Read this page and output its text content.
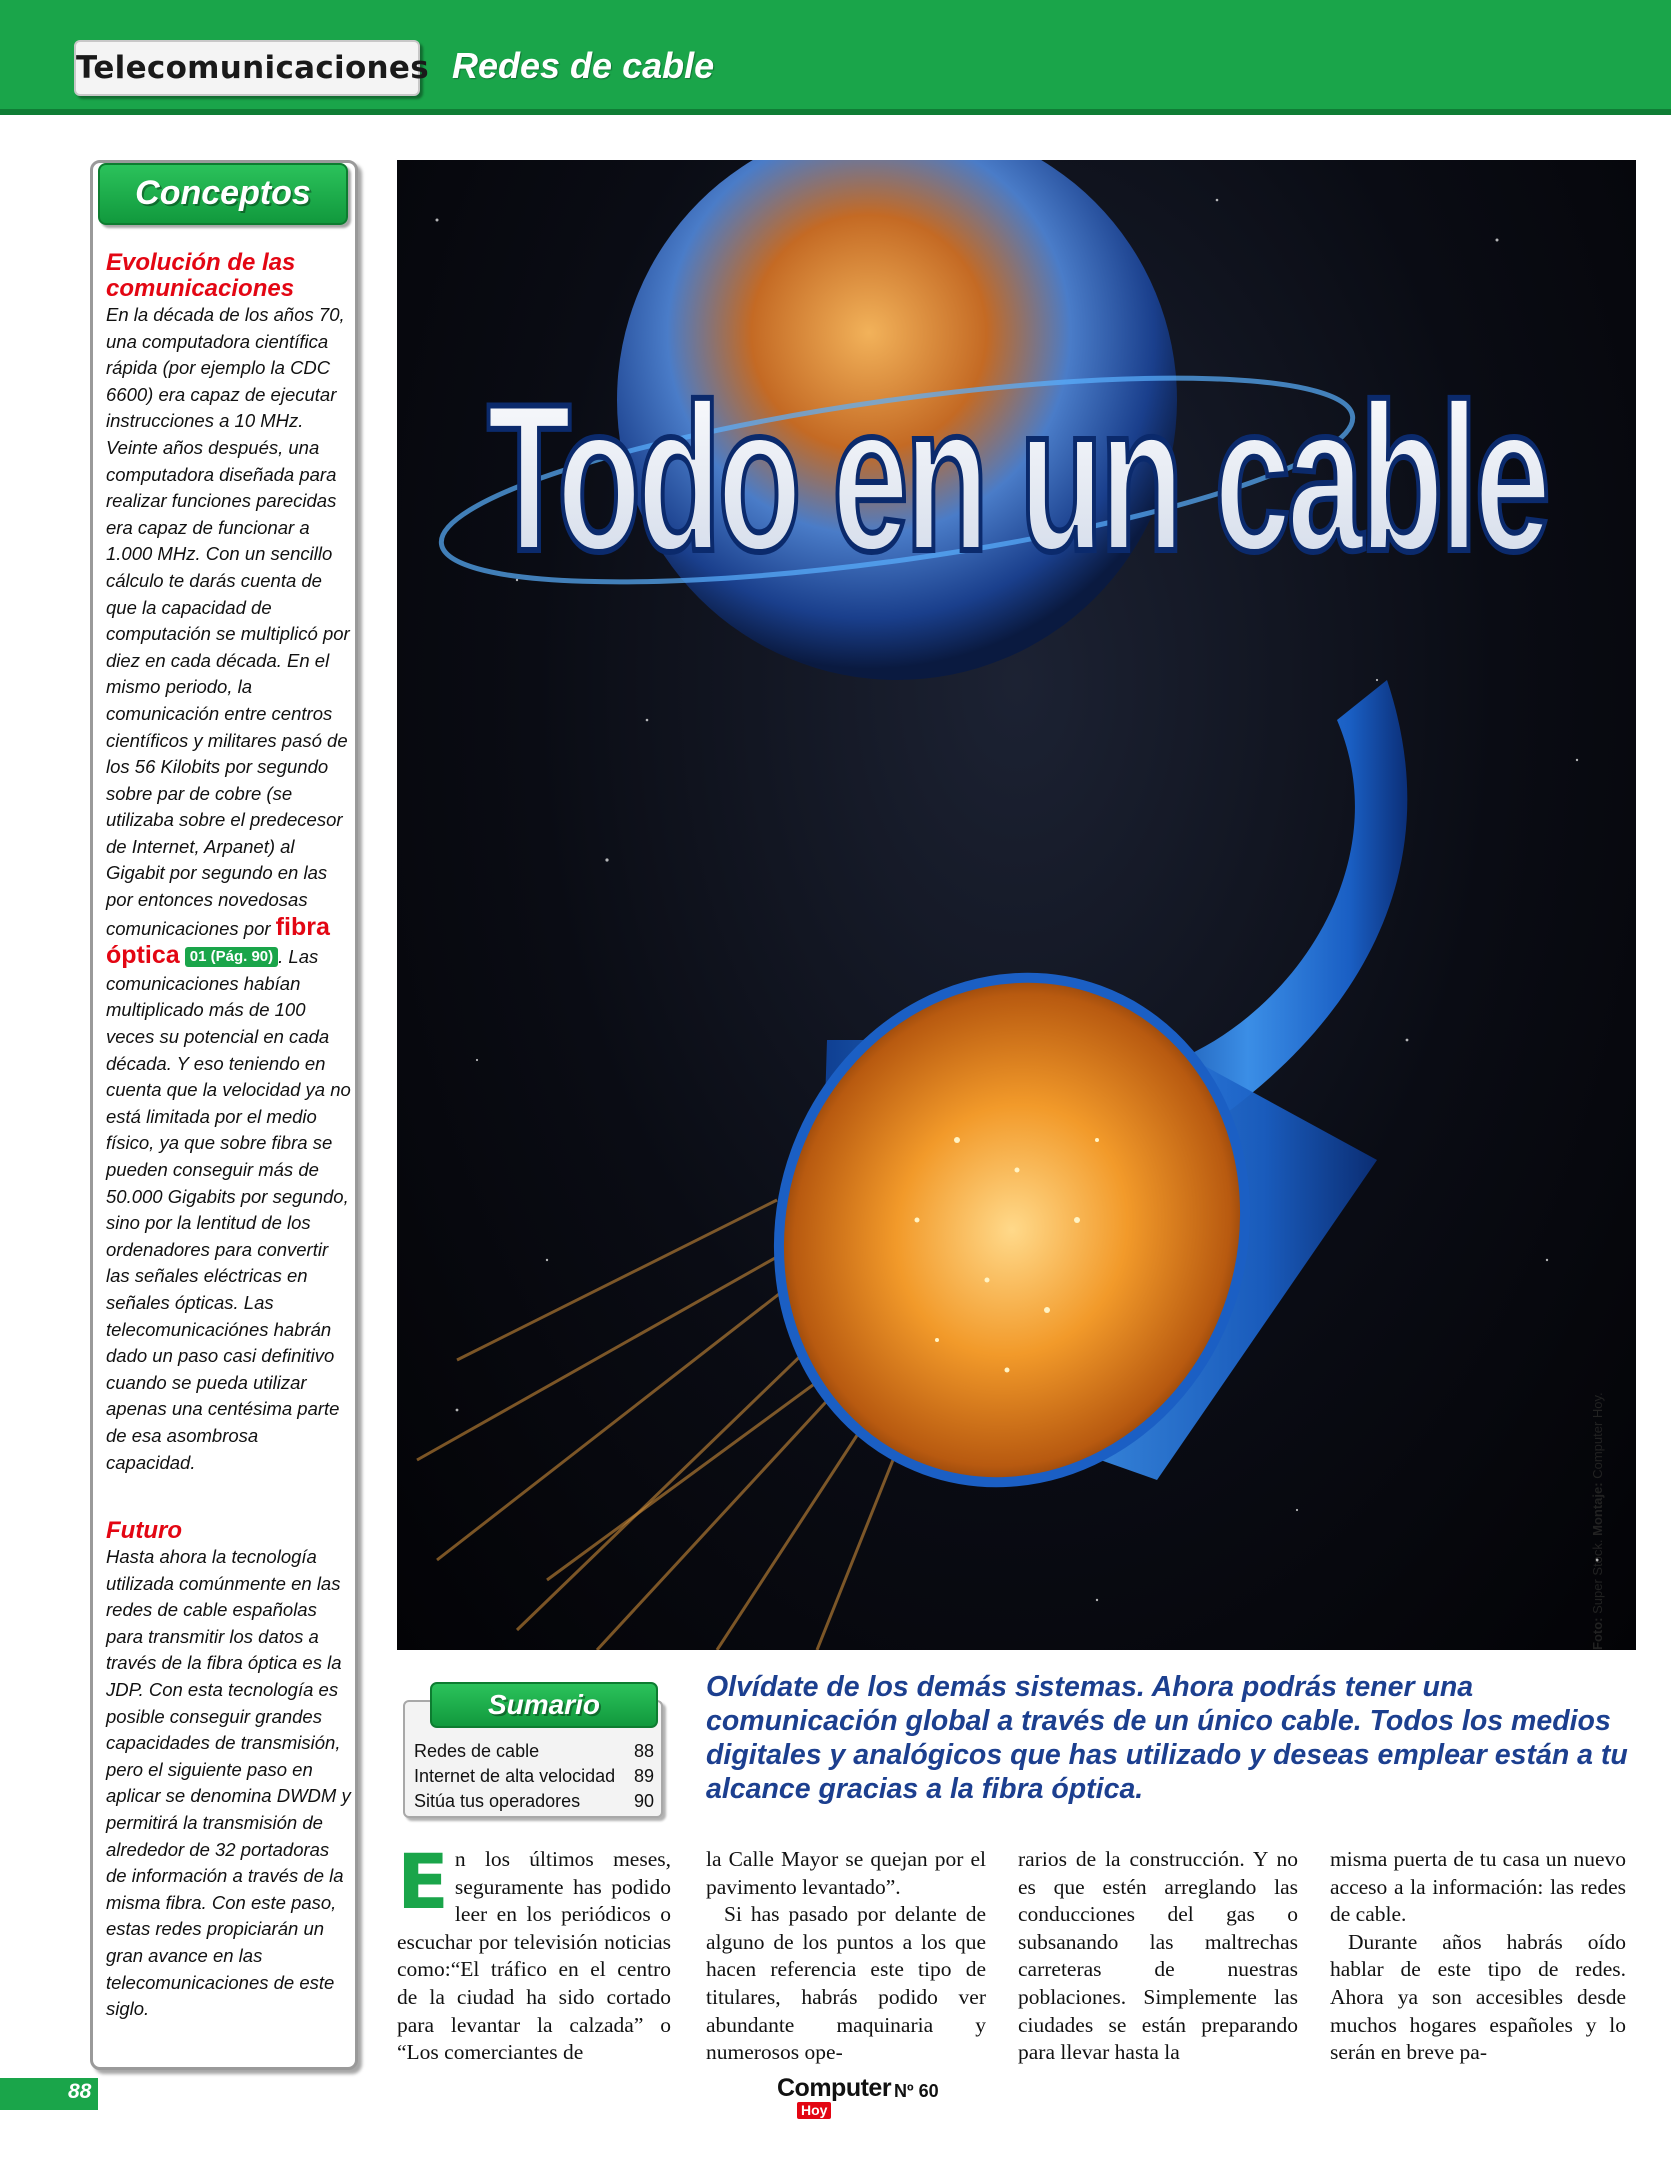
Telecomunicaciones Redes de cable
Conceptos
Evolución de las comunicaciones
En la década de los años 70, una computadora científica rápida (por ejemplo la CDC 6600) era capaz de ejecutar instrucciones a 10 MHz. Veinte años después, una computadora diseñada para realizar funciones parecidas era capaz de funcionar a 1.000 MHz. Con un sencillo cálculo te darás cuenta de que la capacidad de computación se multiplicó por diez en cada década. En el mismo periodo, la comunicación entre centros científicos y militares pasó de los 56 Kilobits por segundo sobre par de cobre (se utilizaba sobre el predecesor de Internet, Arpanet) al Gigabit por segundo en las por entonces novedosas comunicaciones por fibra óptica 01 (Pág. 90) . Las comunicaciones habían multiplicado más de 100 veces su potencial en cada década. Y eso teniendo en cuenta que la velocidad ya no está limitada por el medio físico, ya que sobre fibra se pueden conseguir más de 50.000 Gigabits por segundo, sino por la lentitud de los ordenadores para convertir las señales eléctricas en señales ópticas. Las telecomunicaciónes habrán dado un paso casi definitivo cuando se pueda utilizar apenas una centésima parte de esa asombrosa capacidad.
Futuro
Hasta ahora la tecnología utilizada comúnmente en las redes de cable españolas para transmitir los datos a través de la fibra óptica es la JDP. Con esta tecnología es posible conseguir grandes capacidades de transmisión, pero el siguiente paso en aplicar se denomina DWDM y permitirá la transmisión de alrededor de 32 portadoras de información a través de la misma fibra. Con este paso, estas redes propiciarán un gran avance en las telecomunicaciones de este siglo.
Todo en un cable
Foto: Super Stock. Montaje: Computer Hoy.
Sumario
Redes de cable	88
Internet de alta velocidad 89
Sitúa tus operadores	90
Olvídate de los demás sistemas. Ahora podrás tener una comunicación global a través de un único cable. Todos los medios digitales y analógicos que has utilizado y deseas emplear están a tu alcance gracias a la fibra óptica.
En los últimos meses, seguramente has podido leer en los periódicos o escuchar por televisión noticias como:“El tráfico en el centro de la ciudad ha sido cortado para levantar la calzada” o “Los comerciantes de

la Calle Mayor se quejan por el pavimento levantado”.

Si has pasado por delante de alguno de los puntos a los que hacen referencia este tipo de titulares, habrás podido ver abundante maquinaria y numerosos ope-

rarios de la construcción. Y no es que estén arreglando las conducciones del gas o subsanando las maltrechas carreteras de nuestras poblaciones. Simplemente las ciudades se están preparando para llevar hasta la

misma puerta de tu casa un nuevo acceso a la información: las redes de cable.

Durante años habrás oído hablar de este tipo de redes. Ahora ya son accesibles desde muchos hogares españoles y lo serán en breve pa-

88	Computer
Hoy
Nº 60
